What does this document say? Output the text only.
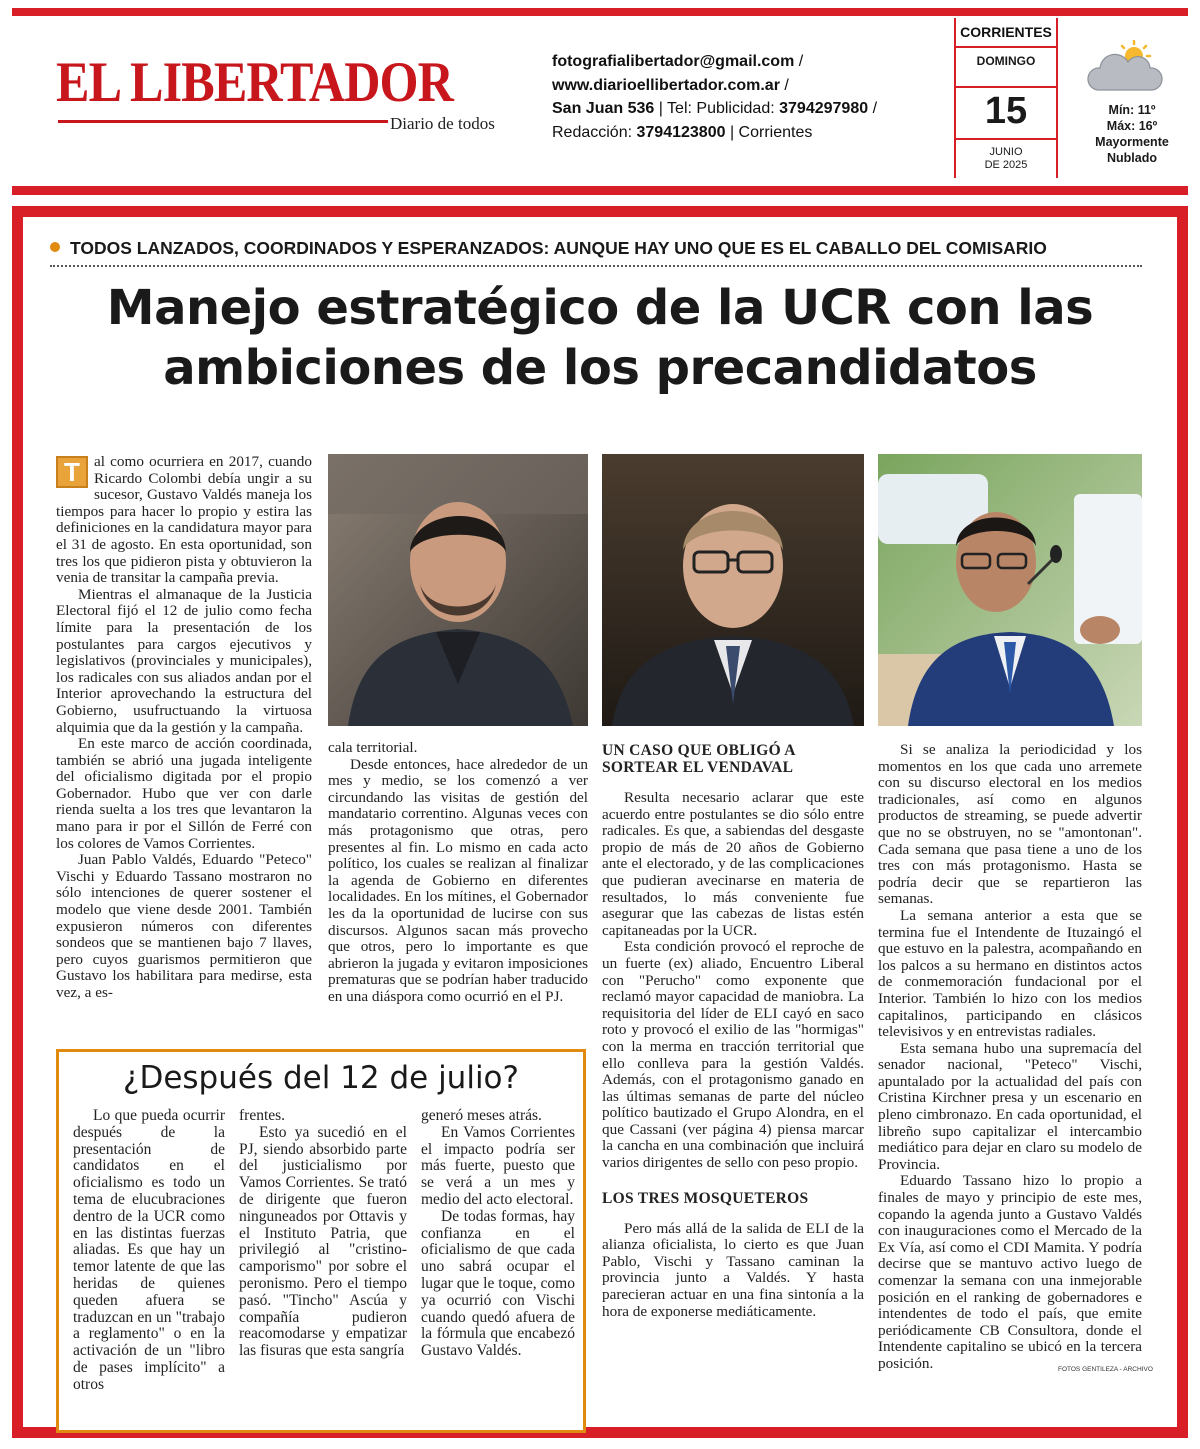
EL LIBERTADOR
Diario de todos
fotografialibertador@gmail.com /
www.diarioellibertador.com.ar /
San Juan 536 | Tel: Publicidad: 3794297980 /
Redacción: 3794123800 | Corrientes
CORRIENTES
DOMINGO
15
JUNIO
DE 2025
Mín: 11º
Máx: 16º
Mayormente
Nublado
TODOS LANZADOS, COORDINADOS Y ESPERANZADOS: AUNQUE HAY UNO QUE ES EL CABALLO DEL COMISARIO
Manejo estratégico de la UCR con las
ambiciones de los precandidatos

T al como ocurriera en 2017, cuando Ricardo Colombi debía ungir a su sucesor, Gustavo Valdés maneja los tiempos para hacer lo propio y estira las definiciones en la candidatura mayor para el 31 de agosto. En esta oportunidad, son tres los que pidieron pista y obtuvieron la venia de transitar la campaña previa.

Mientras el almanaque de la Justicia Electoral fijó el 12 de julio como fecha límite para la presentación de los postulantes para cargos ejecutivos y legislativos (provinciales y municipales), los radicales con sus aliados andan por el Interior aprovechando la estructura del Gobierno, usufructuando la virtuosa alquimia que da la gestión y la campaña.

En este marco de acción coordinada, también se abrió una jugada inteligente del oficialismo digitada por el propio Gobernador. Hubo que ver con darle rienda suelta a los tres que levantaron la mano para ir por el Sillón de Ferré con los colores de Vamos Corrientes.

Juan Pablo Valdés, Eduardo "Peteco" Vischi y Eduardo Tassano mostraron no sólo intenciones de querer sostener el modelo que viene desde 2001. También expusieron números con diferentes sondeos que se mantienen bajo 7 llaves, pero cuyos guarismos permitieron que Gustavo los habilitara para medirse, esta vez, a es-

cala territorial.

Desde entonces, hace alrededor de un mes y medio, se los comenzó a ver circundando las visitas de gestión del mandatario correntino. Algunas veces con más protagonismo que otras, pero presentes al fin. Lo mismo en cada acto político, los cuales se realizan al finalizar la agenda de Gobierno en diferentes localidades. En los mítines, el Gobernador les da la oportunidad de lucirse con sus discursos. Algunos sacan más provecho que otros, pero lo importante es que abrieron la jugada y evitaron imposiciones prematuras que se podrían haber traducido en una diáspora como ocurrió en el PJ.

UN CASO QUE OBLIGÓ A SORTEAR EL VENDAVAL

Resulta necesario aclarar que este acuerdo entre postulantes se dio sólo entre radicales. Es que, a sabiendas del desgaste propio de más de 20 años de Gobierno ante el electorado, y de las complicaciones que pudieran avecinarse en materia de resultados, lo más conveniente fue asegurar que las cabezas de listas estén capitaneadas por la UCR.

Esta condición provocó el reproche de un fuerte (ex) aliado, Encuentro Liberal con "Perucho" como exponente que reclamó mayor capacidad de maniobra. La requisitoria del líder de ELI cayó en saco roto y provocó el exilio de las "hormigas" con la merma en tracción territorial que ello conlleva para la gestión Valdés. Además, con el protagonismo ganado en las últimas semanas de parte del núcleo político bautizado el Grupo Alondra, en el que Cassani (ver página 4) piensa marcar la cancha en una combinación que incluirá varios dirigentes de sello con peso propio.

LOS TRES MOSQUETEROS

Pero más allá de la salida de ELI de la alianza oficialista, lo cierto es que Juan Pablo, Vischi y Tassano caminan la provincia junto a Valdés. Y hasta parecieran actuar en una fina sintonía a la hora de exponerse mediáticamente.

Si se analiza la periodicidad y los momentos en los que cada uno arremete con su discurso electoral en los medios tradicionales, así como en algunos productos de streaming, se puede advertir que no se obstruyen, no se "amontonan". Cada semana que pasa tiene a uno de los tres con más protagonismo. Hasta se podría decir que se repartieron las semanas.

La semana anterior a esta que se termina fue el Intendente de Ituzaingó el que estuvo en la palestra, acompañando en los palcos a su hermano en distintos actos de conmemoración fundacional por el Interior. También lo hizo con los medios capitalinos, participando en clásicos televisivos y en entrevistas radiales.

Esta semana hubo una supremacía del senador nacional, "Peteco" Vischi, apuntalado por la actualidad del país con Cristina Kirchner presa y un escenario en pleno cimbronazo. En cada oportunidad, el libreño supo capitalizar el intercambio mediático para dejar en claro su modelo de Provincia.

Eduardo Tassano hizo lo propio a finales de mayo y principio de este mes, copando la agenda junto a Gustavo Valdés con inauguraciones como el Mercado de la Ex Vía, así como el CDI Mamita. Y podría decirse que se mantuvo activo luego de comenzar la semana con una inmejorable posición en el ranking de gobernadores e intendentes de todo el país, que emite periódicamente CB Consultora, donde el Intendente capitalino se ubicó en la tercera posición.

¿Después del 12 de julio?

Lo que pueda ocurrir después de la presentación de candidatos en el oficialismo es todo un tema de elucubraciones dentro de la UCR como en las distintas fuerzas aliadas. Es que hay un temor latente de que las heridas de quienes queden afuera se traduzcan en un "trabajo a reglamento" o en la activación de un "libro de pases implícito" a otros

frentes.

Esto ya sucedió en el PJ, siendo absorbido parte del justicialismo por Vamos Corrientes. Se trató de dirigente que fueron ninguneados por Ottavis y el Instituto Patria, que privilegió al "cristino-camporismo" por sobre el peronismo. Pero el tiempo pasó. "Tincho" Ascúa y compañía pudieron reacomodarse y empatizar las fisuras que esta sangría

generó meses atrás.

En Vamos Corrientes el impacto podría ser más fuerte, puesto que se verá a un mes y medio del acto electoral.

De todas formas, hay confianza en el oficialismo de que cada uno sabrá ocupar el lugar que le toque, como ya ocurrió con Vischi cuando quedó afuera de la fórmula que encabezó Gustavo Valdés.

FOTOS GENTILEZA - ARCHIVO
